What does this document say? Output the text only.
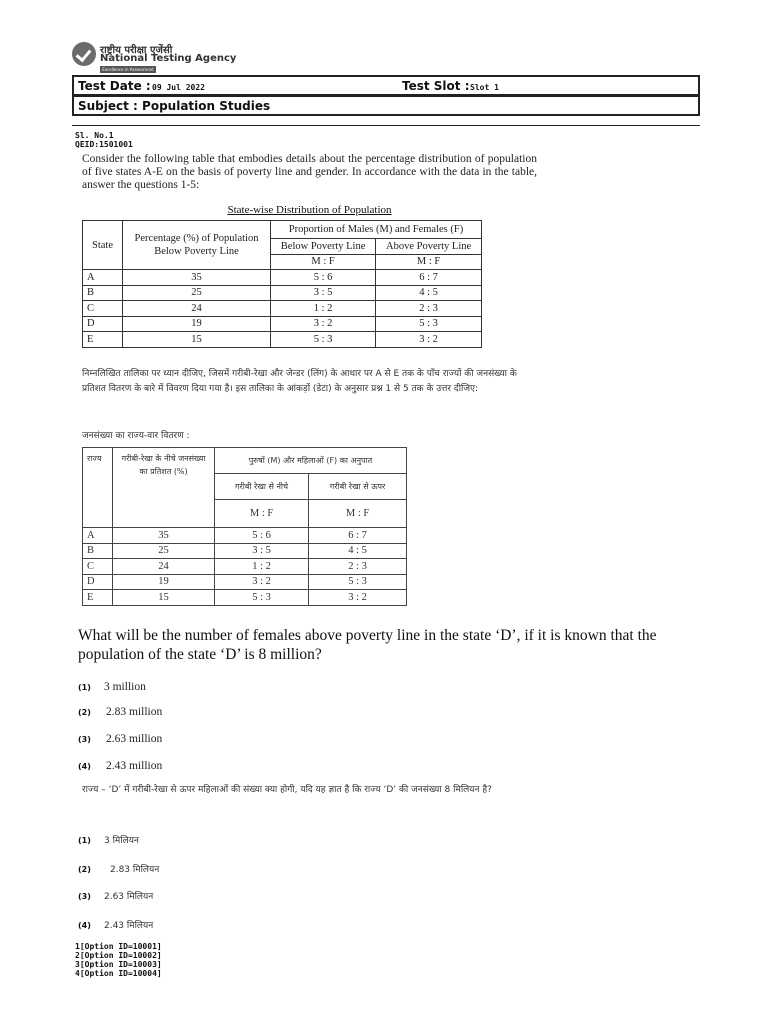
राष्ट्रीय परीक्षा एजेंसी
National Testing Agency
Excellence in Assessment
Test Date : 09 Jul 2022	Test Slot : Slot 1
Subject : Population Studies
Sl. No.1
QEID:1501001
Consider the following table that embodies details about the percentage distribution of population of five states A-E on the basis of poverty line and gender. In accordance with the data in the table, answer the questions 1-5:
State-wise Distribution of Population
State	Percentage (%) of Population Below Poverty Line	Proportion of Males (M) and Females (F)	
		Below Poverty Line	Above Poverty Line
		M : F	M : F
A	35	5 : 6	6 : 7
B	25	3 : 5	4 : 5
C	24	1 : 2	2 : 3
D	19	3 : 2	5 : 3
E	15	5 : 3	3 : 2
निम्नलिखित तालिका पर ध्यान दीजिए, जिसमें गरीबी-रेखा और जेन्डर (लिंग) के आधार पर A से E तक के पाँच राज्यों की जनसंख्या के प्रतिशत वितरण के बारे में विवरण दिया गया है। इस तालिका के आंकड़ों (डेटा) के अनुसार प्रश्न 1 से 5 तक के उत्तर दीजिए:
जनसंख्या का राज्य-वार वितरण :
राज्य	गरीबी-रेखा के नीचे जनसंख्या का प्रतिशत (%)	पुरुषों (M) और महिलाओं (F) का अनुपात	
		गरीबी रेखा से नीचे	गरीबी रेखा से ऊपर
		M : F	M : F
A	35	5 : 6	6 : 7
B	25	3 : 5	4 : 5
C	24	1 : 2	2 : 3
D	19	3 : 2	5 : 3
E	15	5 : 3	3 : 2
What will be the number of females above poverty line in the state ‘D’, if it is known that the population of the state ‘D’ is 8 million?
(1) 3 million
(2) 2.83 million
(3) 2.63 million
(4) 2.43 million
राज्य – ‘D’ में गरीबी-रेखा से ऊपर महिलाओं की संख्या क्या होगी, यदि यह ज्ञात है कि राज्य ‘D’ की जनसंख्या 8 मिलियन है?
(1) 3 मिलियन
(2) 2.83 मिलियन
(3) 2.63 मिलियन
(4) 2.43 मिलियन
1[Option ID=10001]
2[Option ID=10002]
3[Option ID=10003]
4[Option ID=10004]
